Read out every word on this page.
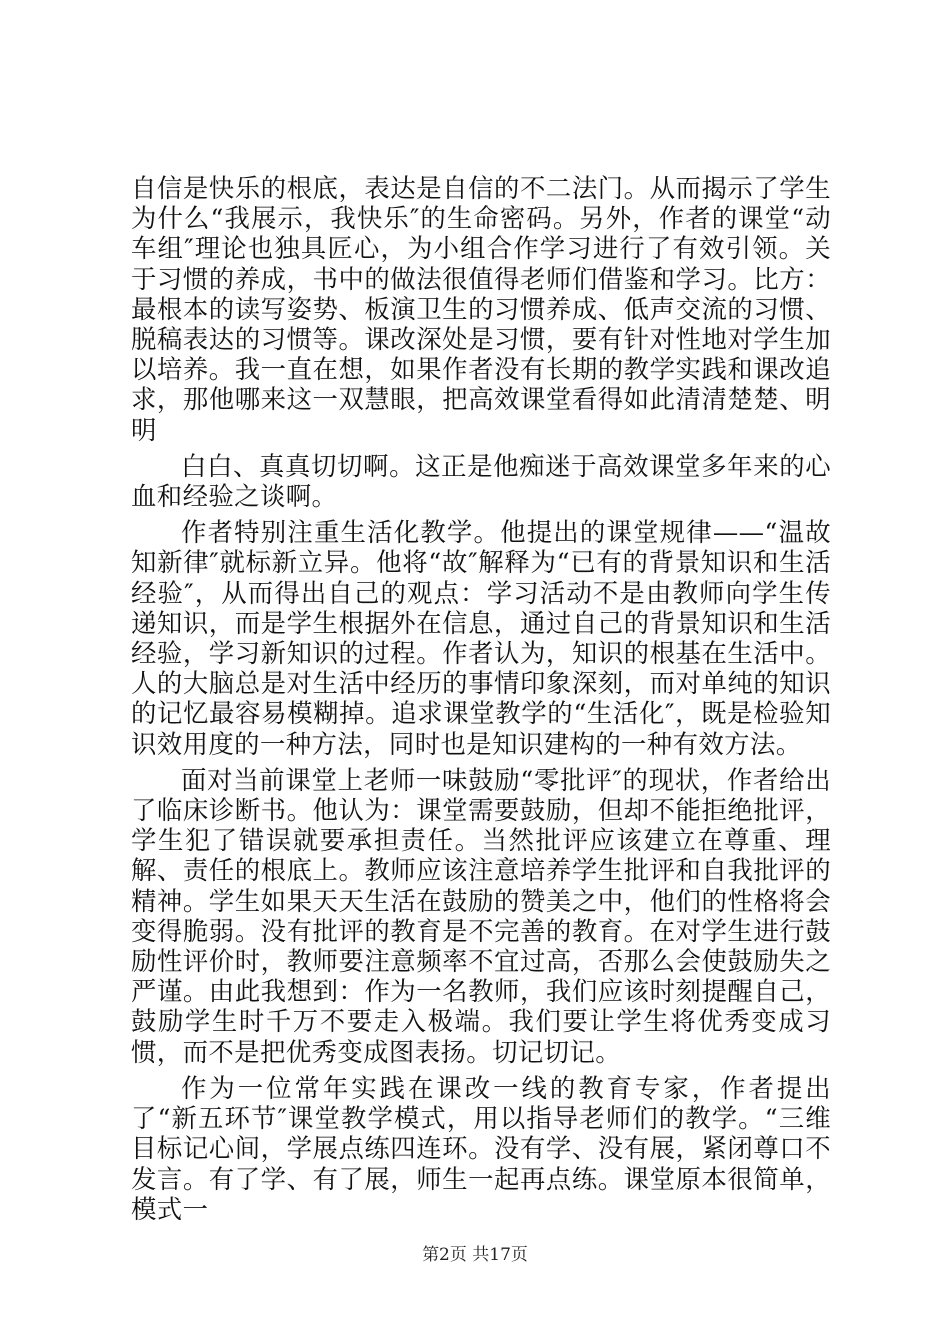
自信是快乐的根底，表达是自信的不二法门。从而揭示了学生为什么“我展示，我快乐″的生命密码。另外，作者的课堂“动车组″理论也独具匠心，为小组合作学习进行了有效引领。关于习惯的养成，书中的做法很值得老师们借鉴和学习。比方：最根本的读写姿势、板演卫生的习惯养成、低声交流的习惯、脱稿表达的习惯等。课改深处是习惯，要有针对性地对学生加以培养。我一直在想，如果作者没有长期的教学实践和课改追求，那他哪来这一双慧眼，把高效课堂看得如此清清楚楚、明明

白白、真真切切啊。这正是他痴迷于高效课堂多年来的心血和经验之谈啊。

作者特别注重生活化教学。他提出的课堂规律——“温故知新律″就标新立异。他将“故″解释为“已有的背景知识和生活经验″，从而得出自己的观点：学习活动不是由教师向学生传递知识，而是学生根据外在信息，通过自己的背景知识和生活经验，学习新知识的过程。作者认为，知识的根基在生活中。人的大脑总是对生活中经历的事情印象深刻，而对单纯的知识的记忆最容易模糊掉。追求课堂教学的“生活化″，既是检验知识效用度的一种方法，同时也是知识建构的一种有效方法。

面对当前课堂上老师一味鼓励“零批评″的现状，作者给出了临床诊断书。他认为：课堂需要鼓励，但却不能拒绝批评，学生犯了错误就要承担责任。当然批评应该建立在尊重、理解、责任的根底上。教师应该注意培养学生批评和自我批评的精神。学生如果天天生活在鼓励的赞美之中，他们的性格将会变得脆弱。没有批评的教育是不完善的教育。在对学生进行鼓励性评价时，教师要注意频率不宜过高，否那么会使鼓励失之严谨。由此我想到：作为一名教师，我们应该时刻提醒自己，鼓励学生时千万不要走入极端。我们要让学生将优秀变成习惯，而不是把优秀变成图表扬。切记切记。

作为一位常年实践在课改一线的教育专家，作者提出了“新五环节″课堂教学模式，用以指导老师们的教学。“三维目标记心间，学展点练四连环。没有学、没有展，紧闭尊口不发言。有了学、有了展，师生一起再点练。课堂原本很简单，模式一

第2页 共17页
